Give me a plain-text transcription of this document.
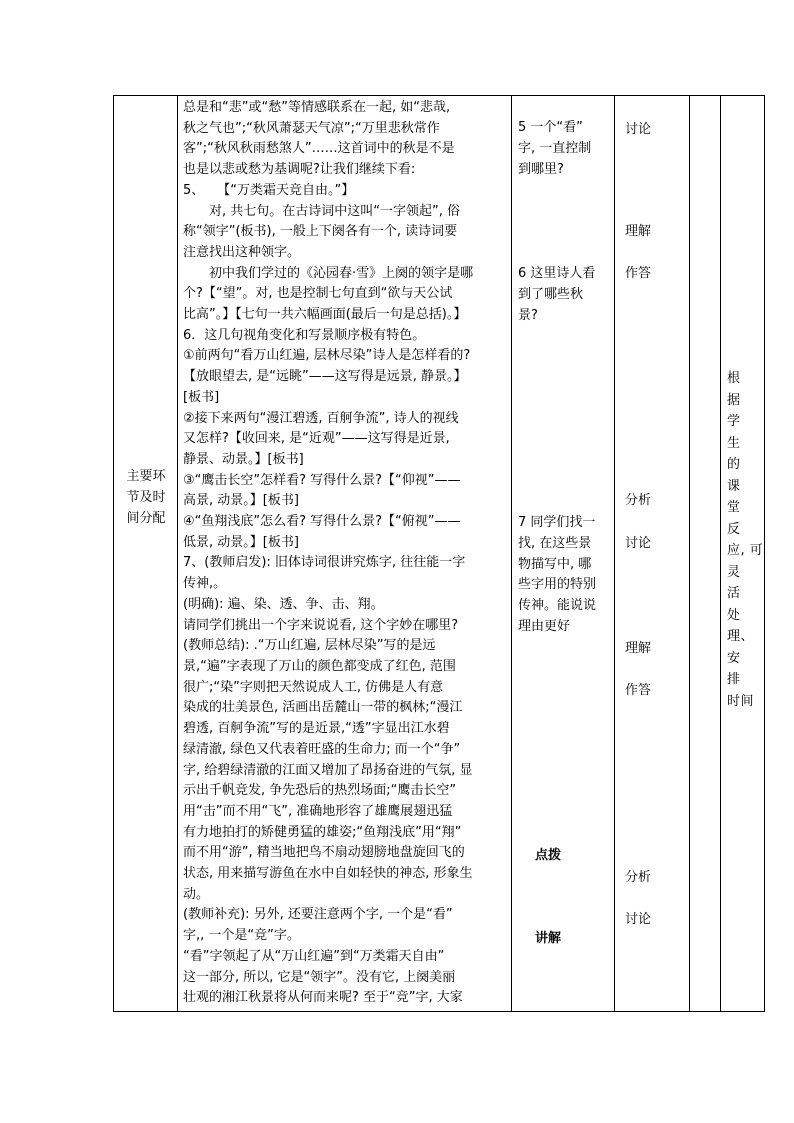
主要环
节及时
间分配

总是和“悲”或“愁”等情感联系在一起, 如“悲哉,

秋之气也”;“秋风萧瑟天气凉”;“万里悲秋常作

客”;“秋风秋雨愁煞人”……这首词中的秋是不是

也是以悲或愁为基调呢?让我们继续下看:

5、　　【“万类霜天竞自由。”】

　　对, 共七句。在古诗词中这叫“一字领起”, 俗

称“领字”(板书), 一般上下阕各有一个, 读诗词要

注意找出这种领字。

　　初中我们学过的《沁园春·雪》上阕的领字是哪

个?【“望”。对, 也是控制七句直到“欲与天公试

比高”。】【七句一共六幅画面(最后一句是总括)。】

6．这几句视角变化和写景顺序极有特色。

①前两句“看万山红遍, 层林尽染”诗人是怎样看的?

【放眼望去, 是“远眺”——这写得是远景, 静景。】

[板书]

②接下来两句“漫江碧透, 百舸争流”, 诗人的视线

又怎样?【收回来, 是“近观”——这写得是近景,

静景、动景。】[板书]

③“鹰击长空”怎样看? 写得什么景?【“仰视”——

高景, 动景。】[板书]

④“鱼翔浅底”怎么看? 写得什么景?【“俯视”——

低景, 动景。】[板书]

7、(教师启发): 旧体诗词很讲究炼字, 往往能一字

传神,。

(明确): 遍、染、透、争、击、翔。

请同学们挑出一个字来说说看, 这个字妙在哪里?

(教师总结): .“万山红遍, 层林尽染”写的是远

景,“遍”字表现了万山的颜色都变成了红色, 范围

很广;“染”字则把天然说成人工, 仿佛是人有意

染成的壮美景色, 活画出岳麓山一带的枫林;“漫江

碧透, 百舸争流”写的是近景,“透”字显出江水碧

绿清澈, 绿色又代表着旺盛的生命力; 而一个“争”

字, 给碧绿清澈的江面又增加了昂扬奋进的气氛, 显

示出千帆竞发, 争先恐后的热烈场面;“鹰击长空”

用“击”而不用“飞”, 准确地形容了雄鹰展翅迅猛

有力地拍打的矫健勇猛的雄姿;“鱼翔浅底”用“翔”

而不用“游”, 精当地把鸟不扇动翅膀地盘旋回飞的

状态, 用来描写游鱼在水中自如轻快的神态, 形象生

动。

(教师补充): 另外, 还要注意两个字, 一个是“看”

字,, 一个是“竞”字。

“看”字领起了从“万山红遍”到“万类霜天自由”

这一部分, 所以, 它是“领字”。没有它, 上阕美丽

壮观的湘江秋景将从何而来呢? 至于“竞”字, 大家

5 一个“看”
字, 一直控制
到哪里?
6 这里诗人看
到了哪些秋
景?
7 同学们找一
找, 在这些景
物描写中, 哪
些字用的特别
传神。能说说
理由更好
点拨
讲解
讨论
理解
作答
分析
讨论
理解
作答
分析
讨论

根　据

学　生

的　课

堂　反

应, 可

灵　活

处理、

安　排

时间
